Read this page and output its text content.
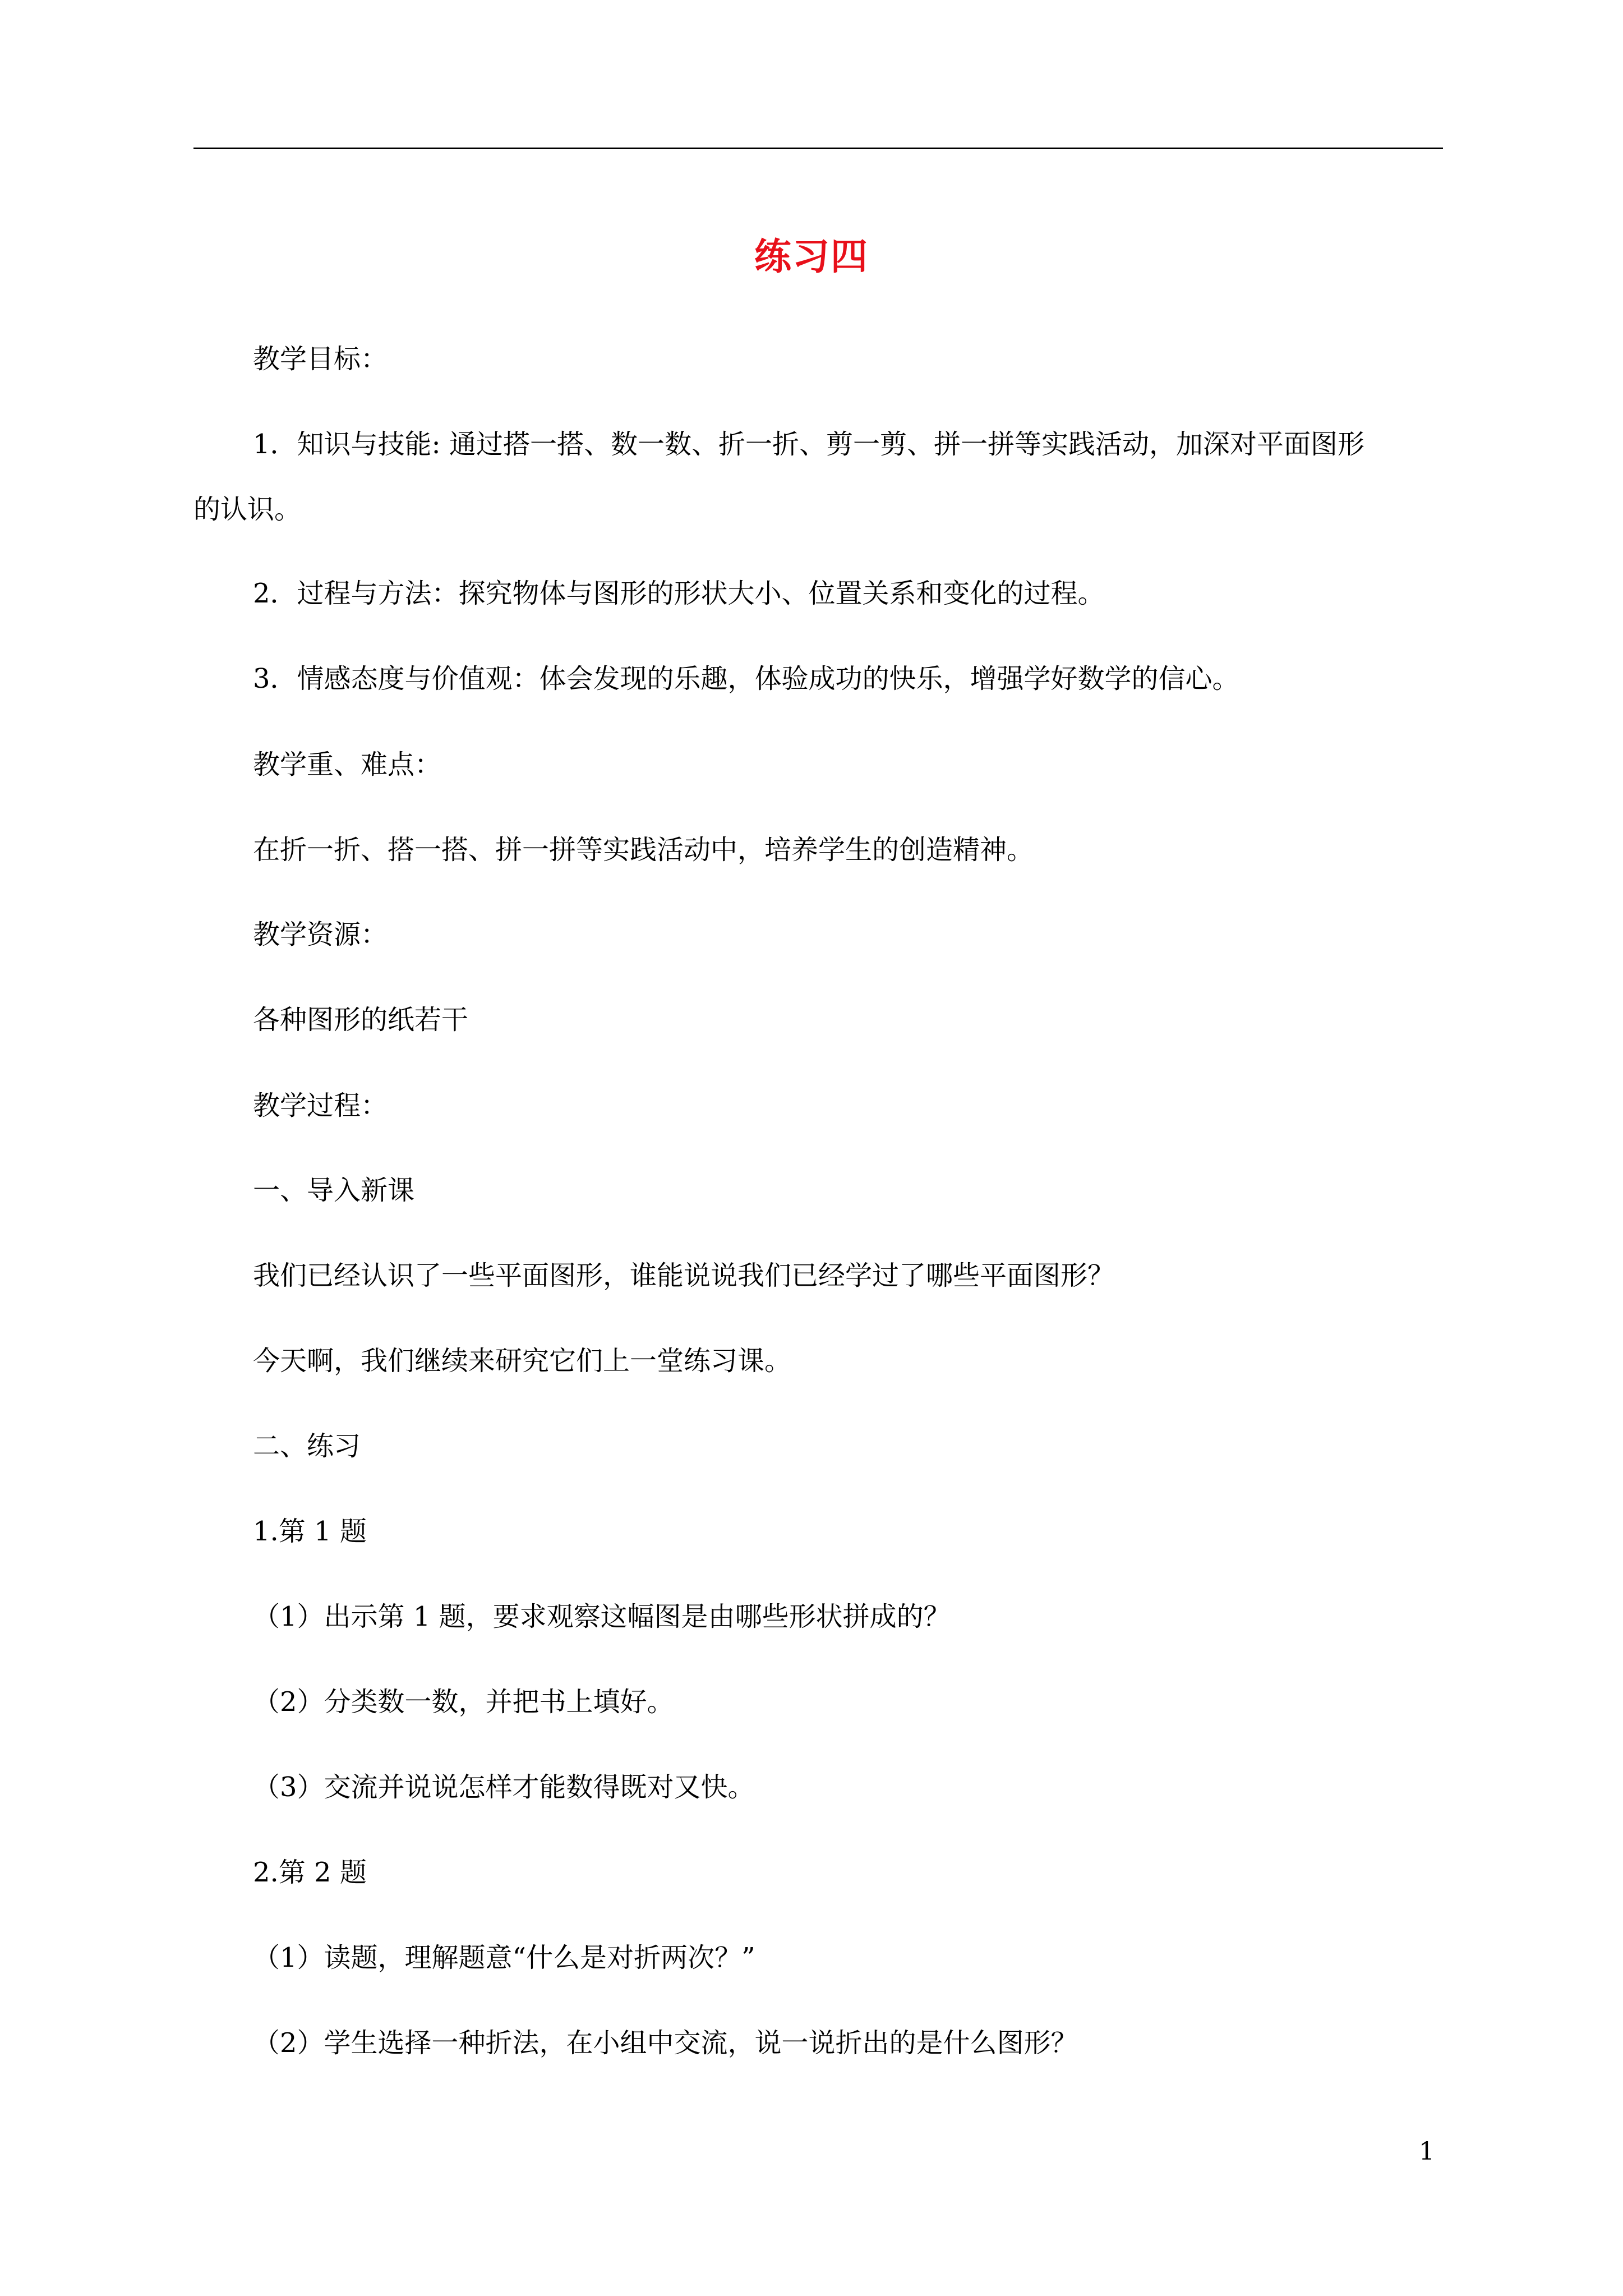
练习四
教学目标：
1．知识与技能: 通过搭一搭、数一数、折一折、剪一剪、拼一拼等实践活动，加深对平面图形
的认识。
2．过程与方法：探究物体与图形的形状大小、位置关系和变化的过程。
3．情感态度与价值观：体会发现的乐趣，体验成功的快乐，增强学好数学的信心。
教学重、难点：
在折一折、搭一搭、拼一拼等实践活动中，培养学生的创造精神。
教学资源：
各种图形的纸若干
教学过程：
一、导入新课
我们已经认识了一些平面图形，谁能说说我们已经学过了哪些平面图形？
今天啊，我们继续来研究它们上一堂练习课。
二、练习
1.第 1 题
（1）出示第 1 题，要求观察这幅图是由哪些形状拼成的？
（2）分类数一数，并把书上填好。
（3）交流并说说怎样才能数得既对又快。
2.第 2 题
（1）读题，理解题意“什么是对折两次？”
（2）学生选择一种折法，在小组中交流，说一说折出的是什么图形？
1
